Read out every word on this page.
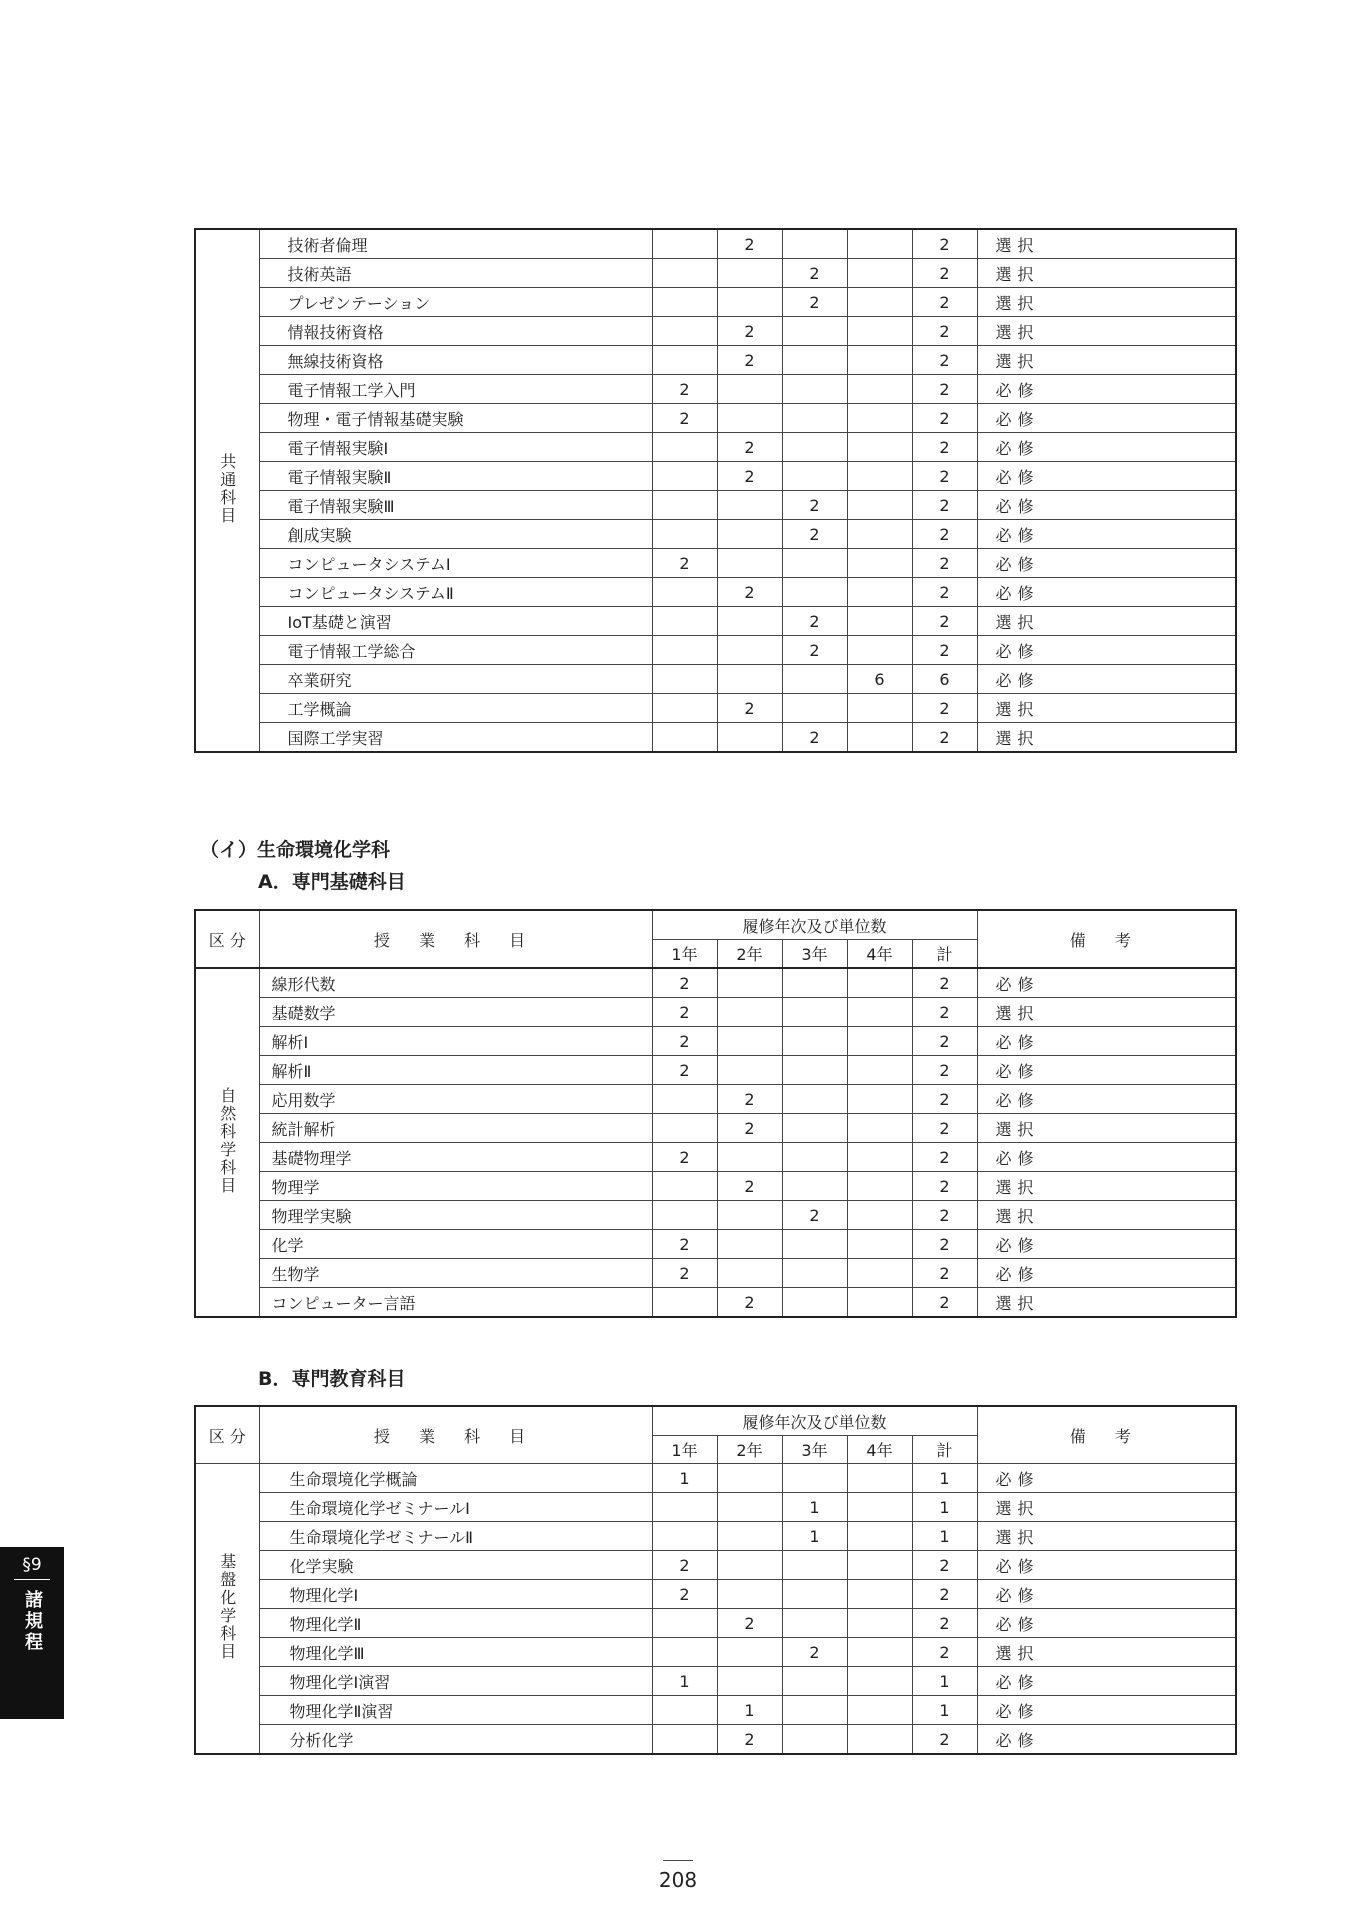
共通科目	技術者倫理		2			2	選択
	技術英語			2		2	選択
	プレゼンテーション			2		2	選択
	情報技術資格		2			2	選択
	無線技術資格		2			2	選択
	電子情報工学入門	2				2	必修
	物理・電子情報基礎実験	2				2	必修
	電子情報実験Ⅰ		2			2	必修
	電子情報実験Ⅱ		2			2	必修
	電子情報実験Ⅲ			2		2	必修
	創成実験			2		2	必修
	コンピュータシステムⅠ	2				2	必修
	コンピュータシステムⅡ		2			2	必修
	IoT基礎と演習			2		2	選択
	電子情報工学総合			2		2	必修
	卒業研究				6	6	必修
	工学概論		2			2	選択
	国際工学実習			2		2	選択
（イ）生命環境化学科
A．専門基礎科目
区 分	授 業 科 目	履修年次及び単位数					備 考
		1年	2年	3年	4年	計	
自然科学科目	線形代数	2				2	必修
	基礎数学	2				2	選択
	解析Ⅰ	2				2	必修
	解析Ⅱ	2				2	必修
	応用数学		2			2	必修
	統計解析		2			2	選択
	基礎物理学	2				2	必修
	物理学		2			2	選択
	物理学実験			2		2	選択
	化学	2				2	必修
	生物学	2				2	必修
	コンピューター言語		2			2	選択
B．専門教育科目
区 分	授 業 科 目	履修年次及び単位数					備 考
		1年	2年	3年	4年	計	
基盤化学科目	生命環境化学概論	1				1	必修
	生命環境化学ゼミナールⅠ			1		1	選択
	生命環境化学ゼミナールⅡ			1		1	選択
	化学実験	2				2	必修
	物理化学Ⅰ	2				2	必修
	物理化学Ⅱ		2			2	必修
	物理化学Ⅲ			2		2	選択
	物理化学Ⅰ演習	1				1	必修
	物理化学Ⅱ演習		1			1	必修
	分析化学		2			2	必修
§9
諸規程
208
